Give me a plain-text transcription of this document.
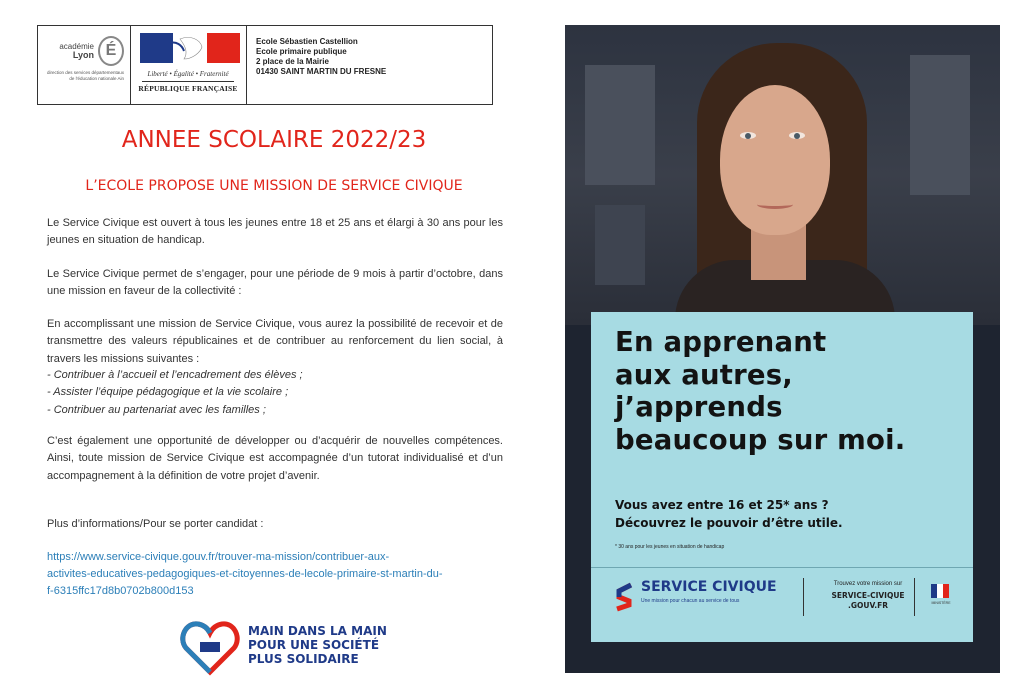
académie
Lyon É
direction des services départementaux de l'éducation nationale Ain	Liberté • Égalité • Fraternité
RÉPUBLIQUE FRANÇAISE
Ecole Sébastien Castellion
Ecole primaire publique
2 place de la Mairie
01430 SAINT MARTIN DU FRESNE
ANNEE SCOLAIRE 2022/23
L’ECOLE PROPOSE UNE MISSION DE SERVICE CIVIQUE
Le Service Civique est ouvert à tous les jeunes entre 18 et 25 ans et élargi à 30 ans pour les jeunes en situation de handicap.
Le Service Civique permet de s’engager, pour une période de 9 mois à partir d’octobre, dans une mission en faveur de la collectivité :
En accomplissant une mission de Service Civique, vous aurez la possibilité de recevoir et de transmettre des valeurs républicaines et de contribuer au renforcement du lien social, à travers les missions suivantes :
- Contribuer à l’accueil et l’encadrement des élèves ;
- Assister l’équipe pédagogique et la vie scolaire ;
- Contribuer au partenariat avec les familles ;
C’est également une opportunité de développer ou d’acquérir de nouvelles compétences. Ainsi, toute mission de Service Civique est accompagnée d’un tutorat individualisé et d’un accompagnement à la définition de votre projet d’avenir.
Plus d’informations/Pour se porter candidat :
https://www.service-civique.gouv.fr/trouver-ma-mission/contribuer-aux-
activites-educatives-pedagogiques-et-citoyennes-de-lecole-primaire-st-martin-du-
f-6315ffc17d8b0702b800d153
MAIN DANS LA MAIN
POUR UNE SOCIÉTÉ
PLUS SOLIDAIRE
En apprenant
aux autres,
j’apprends
beaucoup sur moi.
Vous avez entre 16 et 25* ans ?
Découvrez le pouvoir d’être utile.
* 30 ans pour les jeunes en situation de handicap
SERVICE CIVIQUE
Une mission pour chacun au service de tous
Trouvez votre mission sur
SERVICE-CIVIQUE
.GOUV.FR	MINISTÈRE
